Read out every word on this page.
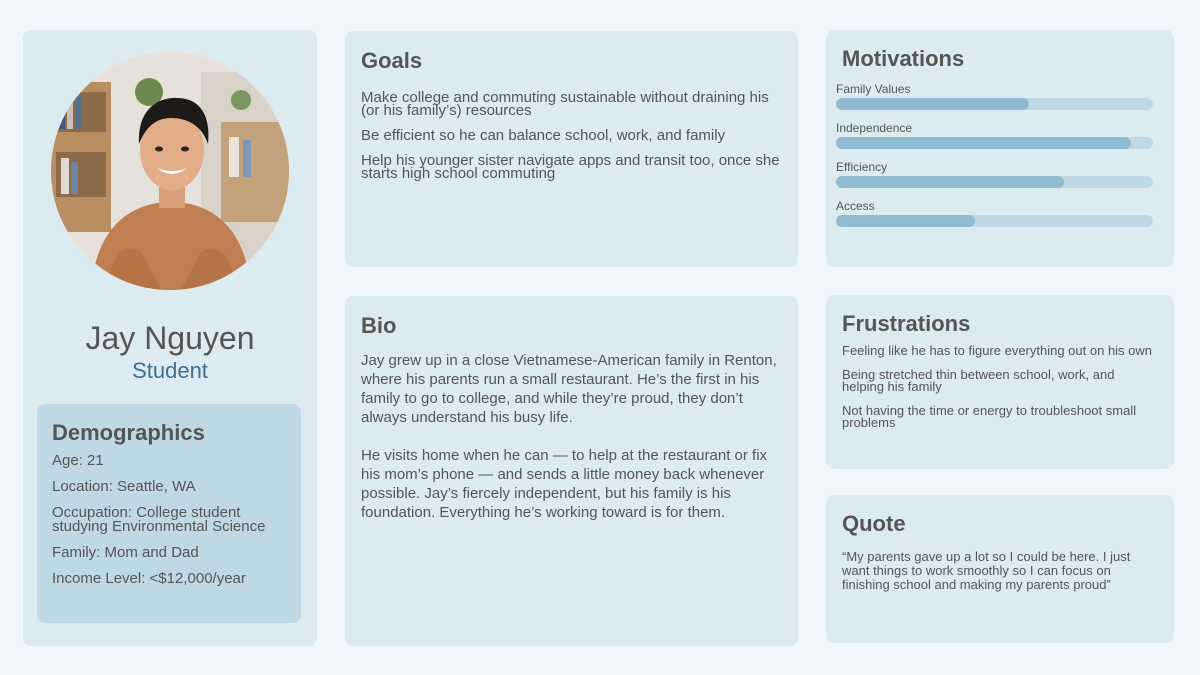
Jay Nguyen
Student
Demographics
Age: 21
Location: Seattle, WA
Occupation: College student studying Environmental Science
Family: Mom and Dad
Income Level: <$12,000/year
Goals
Make college and commuting sustainable without draining his (or his family’s) resources
Be efficient so he can balance school, work, and family
Help his younger sister navigate apps and transit too, once she starts high school commuting
Bio

Jay grew up in a close Vietnamese-American family in Renton, where his parents run a small restaurant. He’s the first in his family to go to college, and while they’re proud, they don’t always understand his busy life.

He visits home when he can — to help at the restaurant or fix his mom’s phone — and sends a little money back whenever possible. Jay’s fiercely independent, but his family is his foundation. Everything he’s working toward is for them.

Motivations
Family Values
Independence
Efficiency
Access
Frustrations
Feeling like he has to figure everything out on his own
Being stretched thin between school, work, and helping his family
Not having the time or energy to troubleshoot small problems
Quote
“My parents gave up a lot so I could be here. I just want things to work smoothly so I can focus on finishing school and making my parents proud”
